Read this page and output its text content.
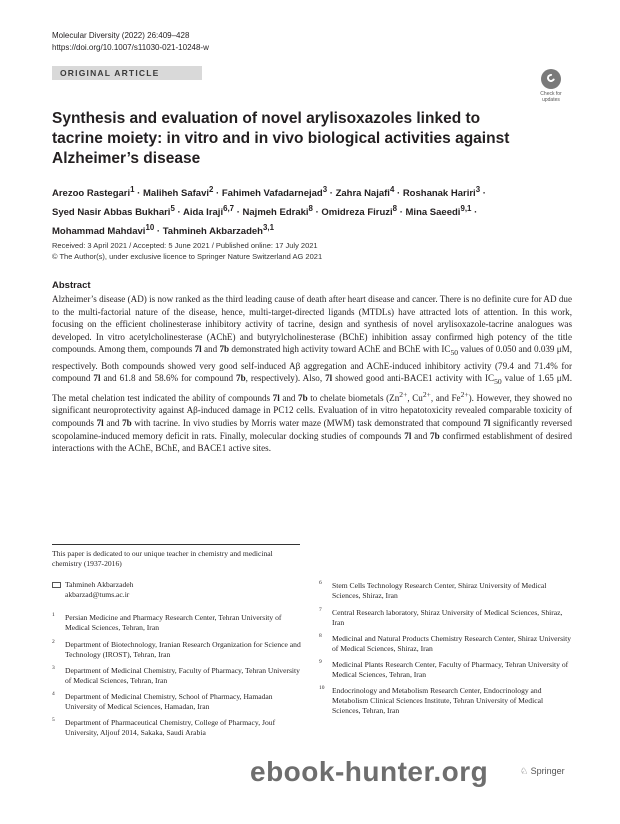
Molecular Diversity (2022) 26:409–428
https://doi.org/10.1007/s11030-021-10248-w
ORIGINAL ARTICLE
Check for updates
Synthesis and evaluation of novel arylisoxazoles linked to tacrine moiety: in vitro and in vivo biological activities against Alzheimer’s disease
Arezoo Rastegari$^1$ · Maliheh Safavi$^2$ · Fahimeh Vafadarnejad$^3$ · Zahra Najafi$^4$ · Roshanak Hariri$^3$ ·
Syed Nasir Abbas Bukhari$^5$ · Aida Iraji$^{6,7}$ · Najmeh Edraki$^8$ · Omidreza Firuzi$^8$ · Mina Saeedi$^{9,1}$ ·
Mohammad Mahdavi$^{10}$ · Tahmineh Akbarzadeh$^{3,1}$
Received: 3 April 2021 / Accepted: 5 June 2021 / Published online: 17 July 2021
© The Author(s), under exclusive licence to Springer Nature Switzerland AG 2021
Abstract
Alzheimer’s disease (AD) is now ranked as the third leading cause of death after heart disease and cancer. There is no definite cure for AD due to the multi-factorial nature of the disease, hence, multi-target-directed ligands (MTDLs) have attracted lots of attention. In this work, focusing on the efficient cholinesterase inhibitory activity of tacrine, design and synthesis of novel arylisoxazole-tacrine analogues was developed. In vitro acetylcholinesterase (AChE) and butyrylcholinesterase (BChE) inhibition assay confirmed high potency of the title compounds. Among them, compounds 7l and 7b demonstrated high activity toward AChE and BChE with $IC_{50}$ values of 0.050 and 0.039 μM, respectively. Both compounds showed very good self-induced Aβ aggregation and AChE-induced inhibitory activity (79.4 and 71.4% for compound 7l and 61.8 and 58.6% for compound 7b, respectively). Also, 7l showed good anti-BACE1 activity with $IC_{50}$ value of 1.65 μM. The metal chelation test indicated the ability of compounds 7l and 7b to chelate biometals ($Zn^{2+}$, $Cu^{2+}$, and $Fe^{2+}$). However, they showed no significant neuroprotectivity against Aβ-induced damage in PC12 cells. Evaluation of in vitro hepatotoxicity revealed comparable toxicity of compounds 7l and 7b with tacrine. In vivo studies by Morris water maze (MWM) task demonstrated that compound 7l significantly reversed scopolamine-induced memory deficit in rats. Finally, molecular docking studies of compounds 7l and 7b confirmed establishment of desired interactions with the AChE, BChE, and BACE1 active sites.
This paper is dedicated to our unique teacher in chemistry and medicinal chemistry (1937-2016)
Tahmineh Akbarzadeh
akbarzad@tums.ac.ir
1 Persian Medicine and Pharmacy Research Center, Tehran University of Medical Sciences, Tehran, Iran
2 Department of Biotechnology, Iranian Research Organization for Science and Technology (IROST), Tehran, Iran
3 Department of Medicinal Chemistry, Faculty of Pharmacy, Tehran University of Medical Sciences, Tehran, Iran
4 Department of Medicinal Chemistry, School of Pharmacy, Hamadan University of Medical Sciences, Hamadan, Iran
5 Department of Pharmaceutical Chemistry, College of Pharmacy, Jouf University, Aljouf 2014, Sakaka, Saudi Arabia
6 Stem Cells Technology Research Center, Shiraz University of Medical Sciences, Shiraz, Iran
7 Central Research laboratory, Shiraz University of Medical Sciences, Shiraz, Iran
8 Medicinal and Natural Products Chemistry Research Center, Shiraz University of Medical Sciences, Shiraz, Iran
9 Medicinal Plants Research Center, Faculty of Pharmacy, Tehran University of Medical Sciences, Tehran, Iran
10 Endocrinology and Metabolism Research Center, Endocrinology and Metabolism Clinical Sciences Institute, Tehran University of Medical Sciences, Tehran, Iran
ebook-hunter.org	♘ Springer
